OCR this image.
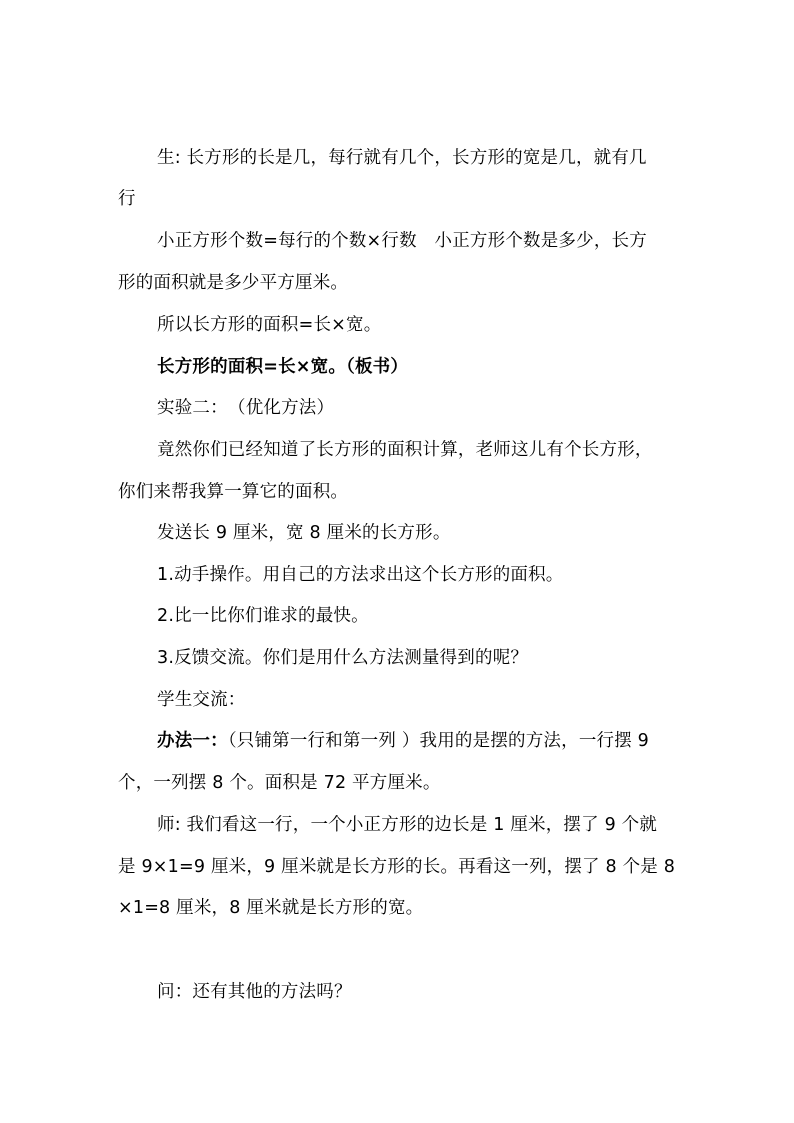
生: 长方形的长是几，每行就有几个，长方形的宽是几，就有几
行
小正方形个数=每行的个数×行数　小正方形个数是多少，长方
形的面积就是多少平方厘米。
所以长方形的面积=长×宽。
长方形的面积=长×宽。（板书）
实验二：　（优化方法）
竟然你们已经知道了长方形的面积计算，老师这儿有个长方形，
你们来帮我算一算它的面积。
发送长 9 厘米，宽 8 厘米的长方形。
1.动手操作。用自己的方法求出这个长方形的面积。
2.比一比你们谁求的最快。
3.反馈交流。你们是用什么方法测量得到的呢？
学生交流：
办法一：（只铺第一行和第一列 ）我用的是摆的方法，一行摆 9
个，一列摆 8 个。面积是 72 平方厘米。
师: 我们看这一行，一个小正方形的边长是 1 厘米，摆了 9 个就
是 9×1=9 厘米，9 厘米就是长方形的长。再看这一列，摆了 8 个是 8
×1=8 厘米，8 厘米就是长方形的宽。
问：还有其他的方法吗？
